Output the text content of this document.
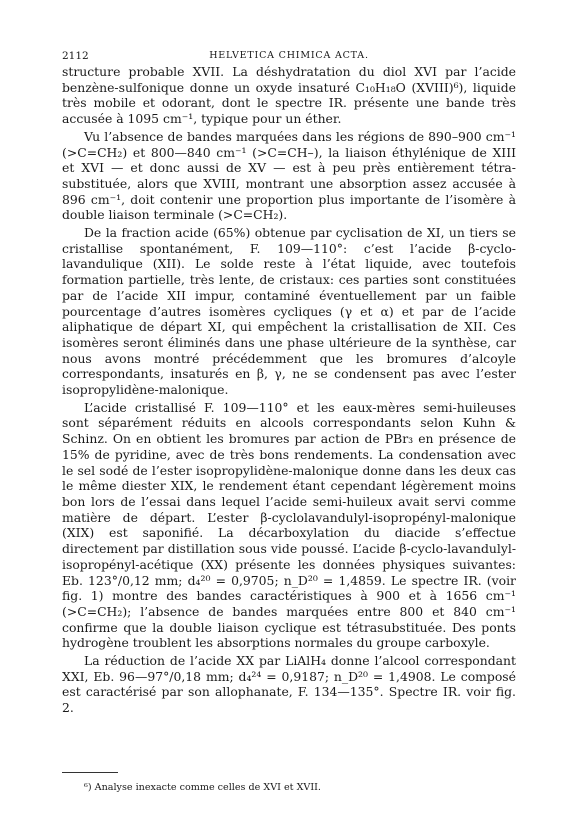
2112	HELVETICA CHIMICA ACTA.

structure probable XVII. La déshydratation du diol XVI par l’acide benzène-sulfonique donne un oxyde insaturé C₁₀H₁₈O (XVIII)⁶), liquide très mobile et odorant, dont le spectre IR. présente une bande très accusée à 1095 cm⁻¹, typique pour un éther.

Vu l’absence de bandes marquées dans les régions de 890–900 cm⁻¹ (>C=CH₂) et 800—840 cm⁻¹ (>C=CH–), la liaison éthylénique de XIII et XVI — et donc aussi de XV — est à peu près entièrement tétra-substituée, alors que XVIII, montrant une absorption assez accusée à 896 cm⁻¹, doit contenir une proportion plus importante de l’isomère à double liaison terminale (>C=CH₂).

De la fraction acide (65%) obtenue par cyclisation de XI, un tiers se cristallise spontanément, F. 109—110°: c’est l’acide β-cyclo-lavandulique (XII). Le solde reste à l’état liquide, avec toutefois formation partielle, très lente, de cristaux: ces parties sont constituées par de l’acide XII impur, contaminé éventuellement par un faible pourcentage d’autres isomères cycliques (γ et α) et par de l’acide aliphatique de départ XI, qui empêchent la cristallisation de XII. Ces isomères seront éliminés dans une phase ultérieure de la synthèse, car nous avons montré précédemment que les bromures d’alcoyle correspondants, insaturés en β, γ, ne se condensent pas avec l’ester isopropylidène-malonique.

L’acide cristallisé F. 109—110° et les eaux-mères semi-huileuses sont séparément réduits en alcools correspondants selon Kuhn & Schinz. On en obtient les bromures par action de PBr₃ en présence de 15% de pyridine, avec de très bons rendements. La condensation avec le sel sodé de l’ester isopropylidène-malonique donne dans les deux cas le même diester XIX, le rendement étant cependant légèrement moins bon lors de l’essai dans lequel l’acide semi-huileux avait servi comme matière de départ. L’ester β-cyclolavandulyl-isopropényl-malonique (XIX) est saponifié. La décarboxylation du diacide s’effectue directement par distillation sous vide poussé. L’acide β-cyclo-lavandulyl-isopropényl-acétique (XX) présente les données physiques suivantes: Eb. 123°/0,12 mm; d₄²⁰ = 0,9705; n_D²⁰ = 1,4859. Le spectre IR. (voir fig. 1) montre des bandes caractéristiques à 900 et à 1656 cm⁻¹ (>C=CH₂); l’absence de bandes marquées entre 800 et 840 cm⁻¹ confirme que la double liaison cyclique est tétrasubstituée. Des ponts hydrogène troublent les absorptions normales du groupe carboxyle.

La réduction de l’acide XX par LiAlH₄ donne l’alcool correspondant XXI, Eb. 96—97°/0,18 mm; d₄²⁴ = 0,9187; n_D²⁰ = 1,4908. Le composé est caractérisé par son allophanate, F. 134—135°. Spectre IR. voir fig. 2.

⁶) Analyse inexacte comme celles de XVI et XVII.
